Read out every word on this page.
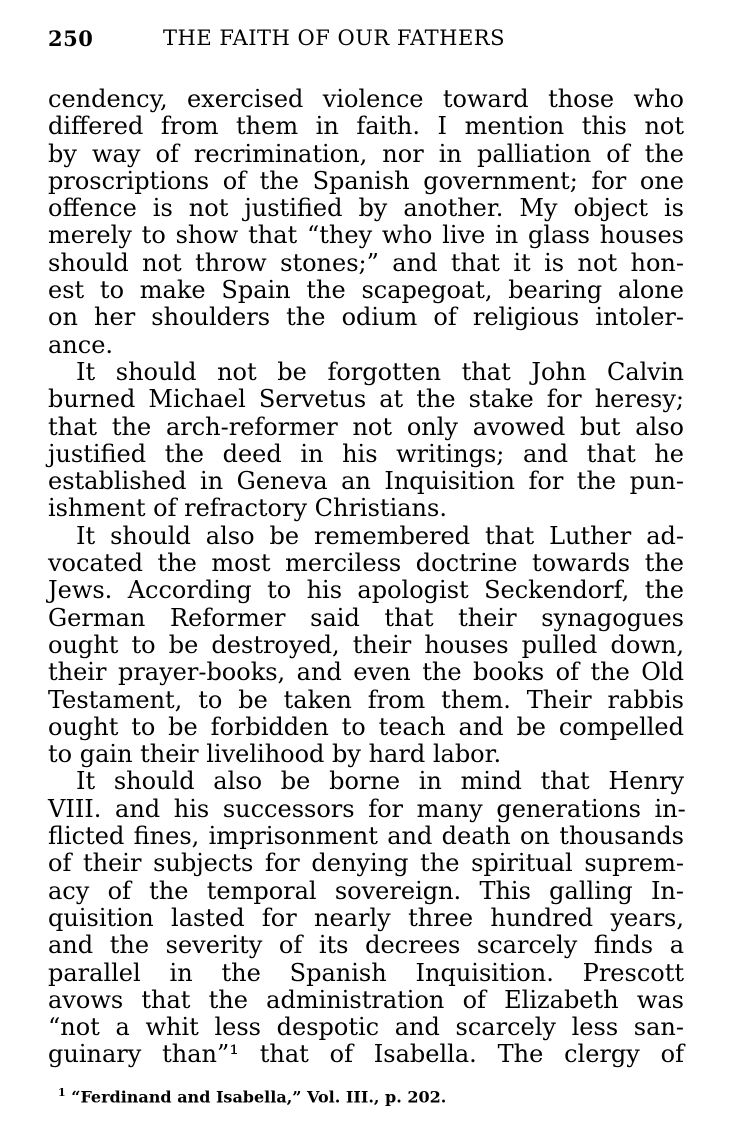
250	THE FAITH OF OUR FATHERS
cendency, exercised violence toward those who
differed from them in faith. I mention this not
by way of recrimination, nor in palliation of the
proscriptions of the Spanish government; for one
offence is not justified by another. My object is
merely to show that “they who live in glass houses
should not throw stones;” and that it is not hon-
est to make Spain the scapegoat, bearing alone
on her shoulders the odium of religious intoler-
ance.
It should not be forgotten that John Calvin
burned Michael Servetus at the stake for heresy;
that the arch-reformer not only avowed but also
justified the deed in his writings; and that he
established in Geneva an Inquisition for the pun-
ishment of refractory Christians.
It should also be remembered that Luther ad-
vocated the most merciless doctrine towards the
Jews. According to his apologist Seckendorf, the
German Reformer said that their synagogues
ought to be destroyed, their houses pulled down,
their prayer-books, and even the books of the Old
Testament, to be taken from them. Their rabbis
ought to be forbidden to teach and be compelled
to gain their livelihood by hard labor.
It should also be borne in mind that Henry
VIII. and his successors for many generations in-
flicted fines, imprisonment and death on thousands
of their subjects for denying the spiritual suprem-
acy of the temporal sovereign. This galling In-
quisition lasted for nearly three hundred years,
and the severity of its decrees scarcely finds a
parallel in the Spanish Inquisition. Prescott
avows that the administration of Elizabeth was
“not a whit less despotic and scarcely less san-
guinary than”¹ that of Isabella. The clergy of
$^1$ “Ferdinand and Isabella,” Vol. III., p. 202.
